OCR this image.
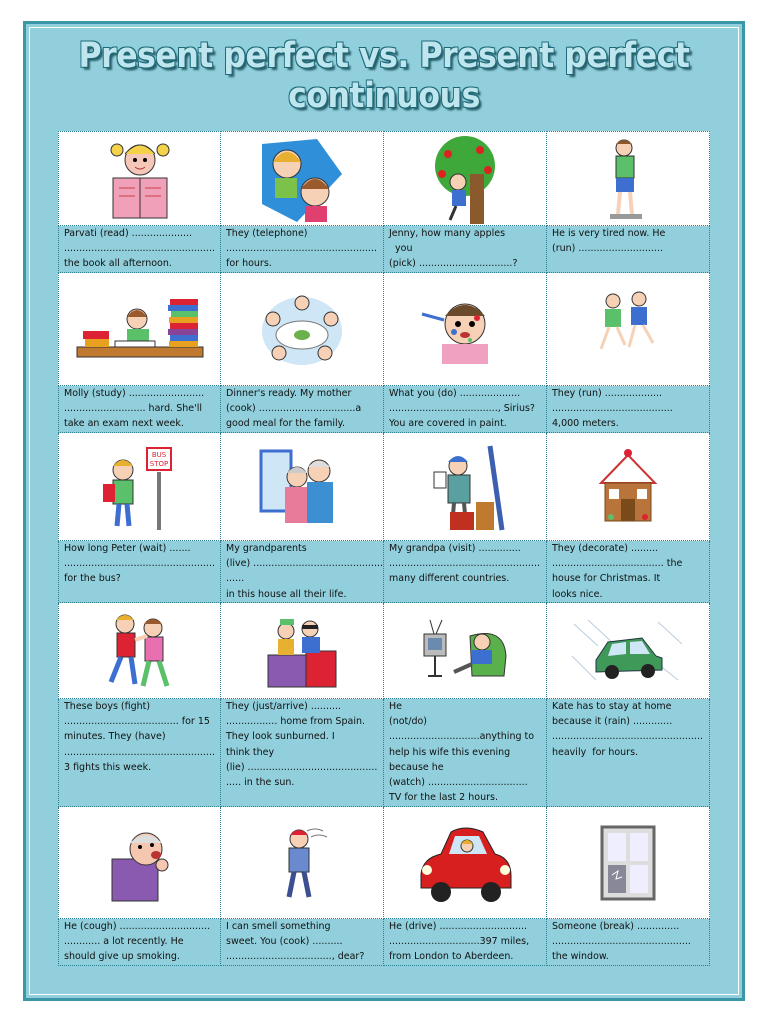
Present perfect vs. Present perfect continuous
Parvati (read) ....................
..................................................
the book all afternoon.
They (telephone)
..................................................
for hours.
Jenny, how many apples
you
(pick) ...............................?
He is very tired now. He
(run) ............................
Molly (study) .........................
........................... hard. She'll
take an exam next week.
Dinner's ready. My mother
(cook) ................................a
good meal for the family.
What you (do) ....................
...................................., Sirius?
You are covered in paint.
They (run) ...................
........................................
4,000 meters.
BUS
STOP
How long Peter (wait) .......
..................................................
for the bus?
My grandparents
(live) ...........................................
......
in this house all their life.
My grandpa (visit) ..............
..................................................
many different countries.
They (decorate) .........
..................................... the
house for Christmas. It
looks nice.
These boys (fight)
...................................... for 15
minutes. They (have)
..................................................
3 fights this week.
They (just/arrive) ..........
................. home from Spain.
They look sunburned. I
think they
(lie) ...........................................
..... in the sun.
He
(not/do)
..............................anything to
help his wife this evening
because he
(watch) .................................
TV for the last 2 hours.
Kate has to stay at home
because it (rain) .............
..................................................
heavily  for hours.
He (cough) ..............................
............ a lot recently. He
should give up smoking.
I can smell something
sweet. You (cook) ..........
..................................., dear?
He (drive) .............................
..............................397 miles,
from London to Aberdeen.
Someone (break) ..............
..............................................
the window.
